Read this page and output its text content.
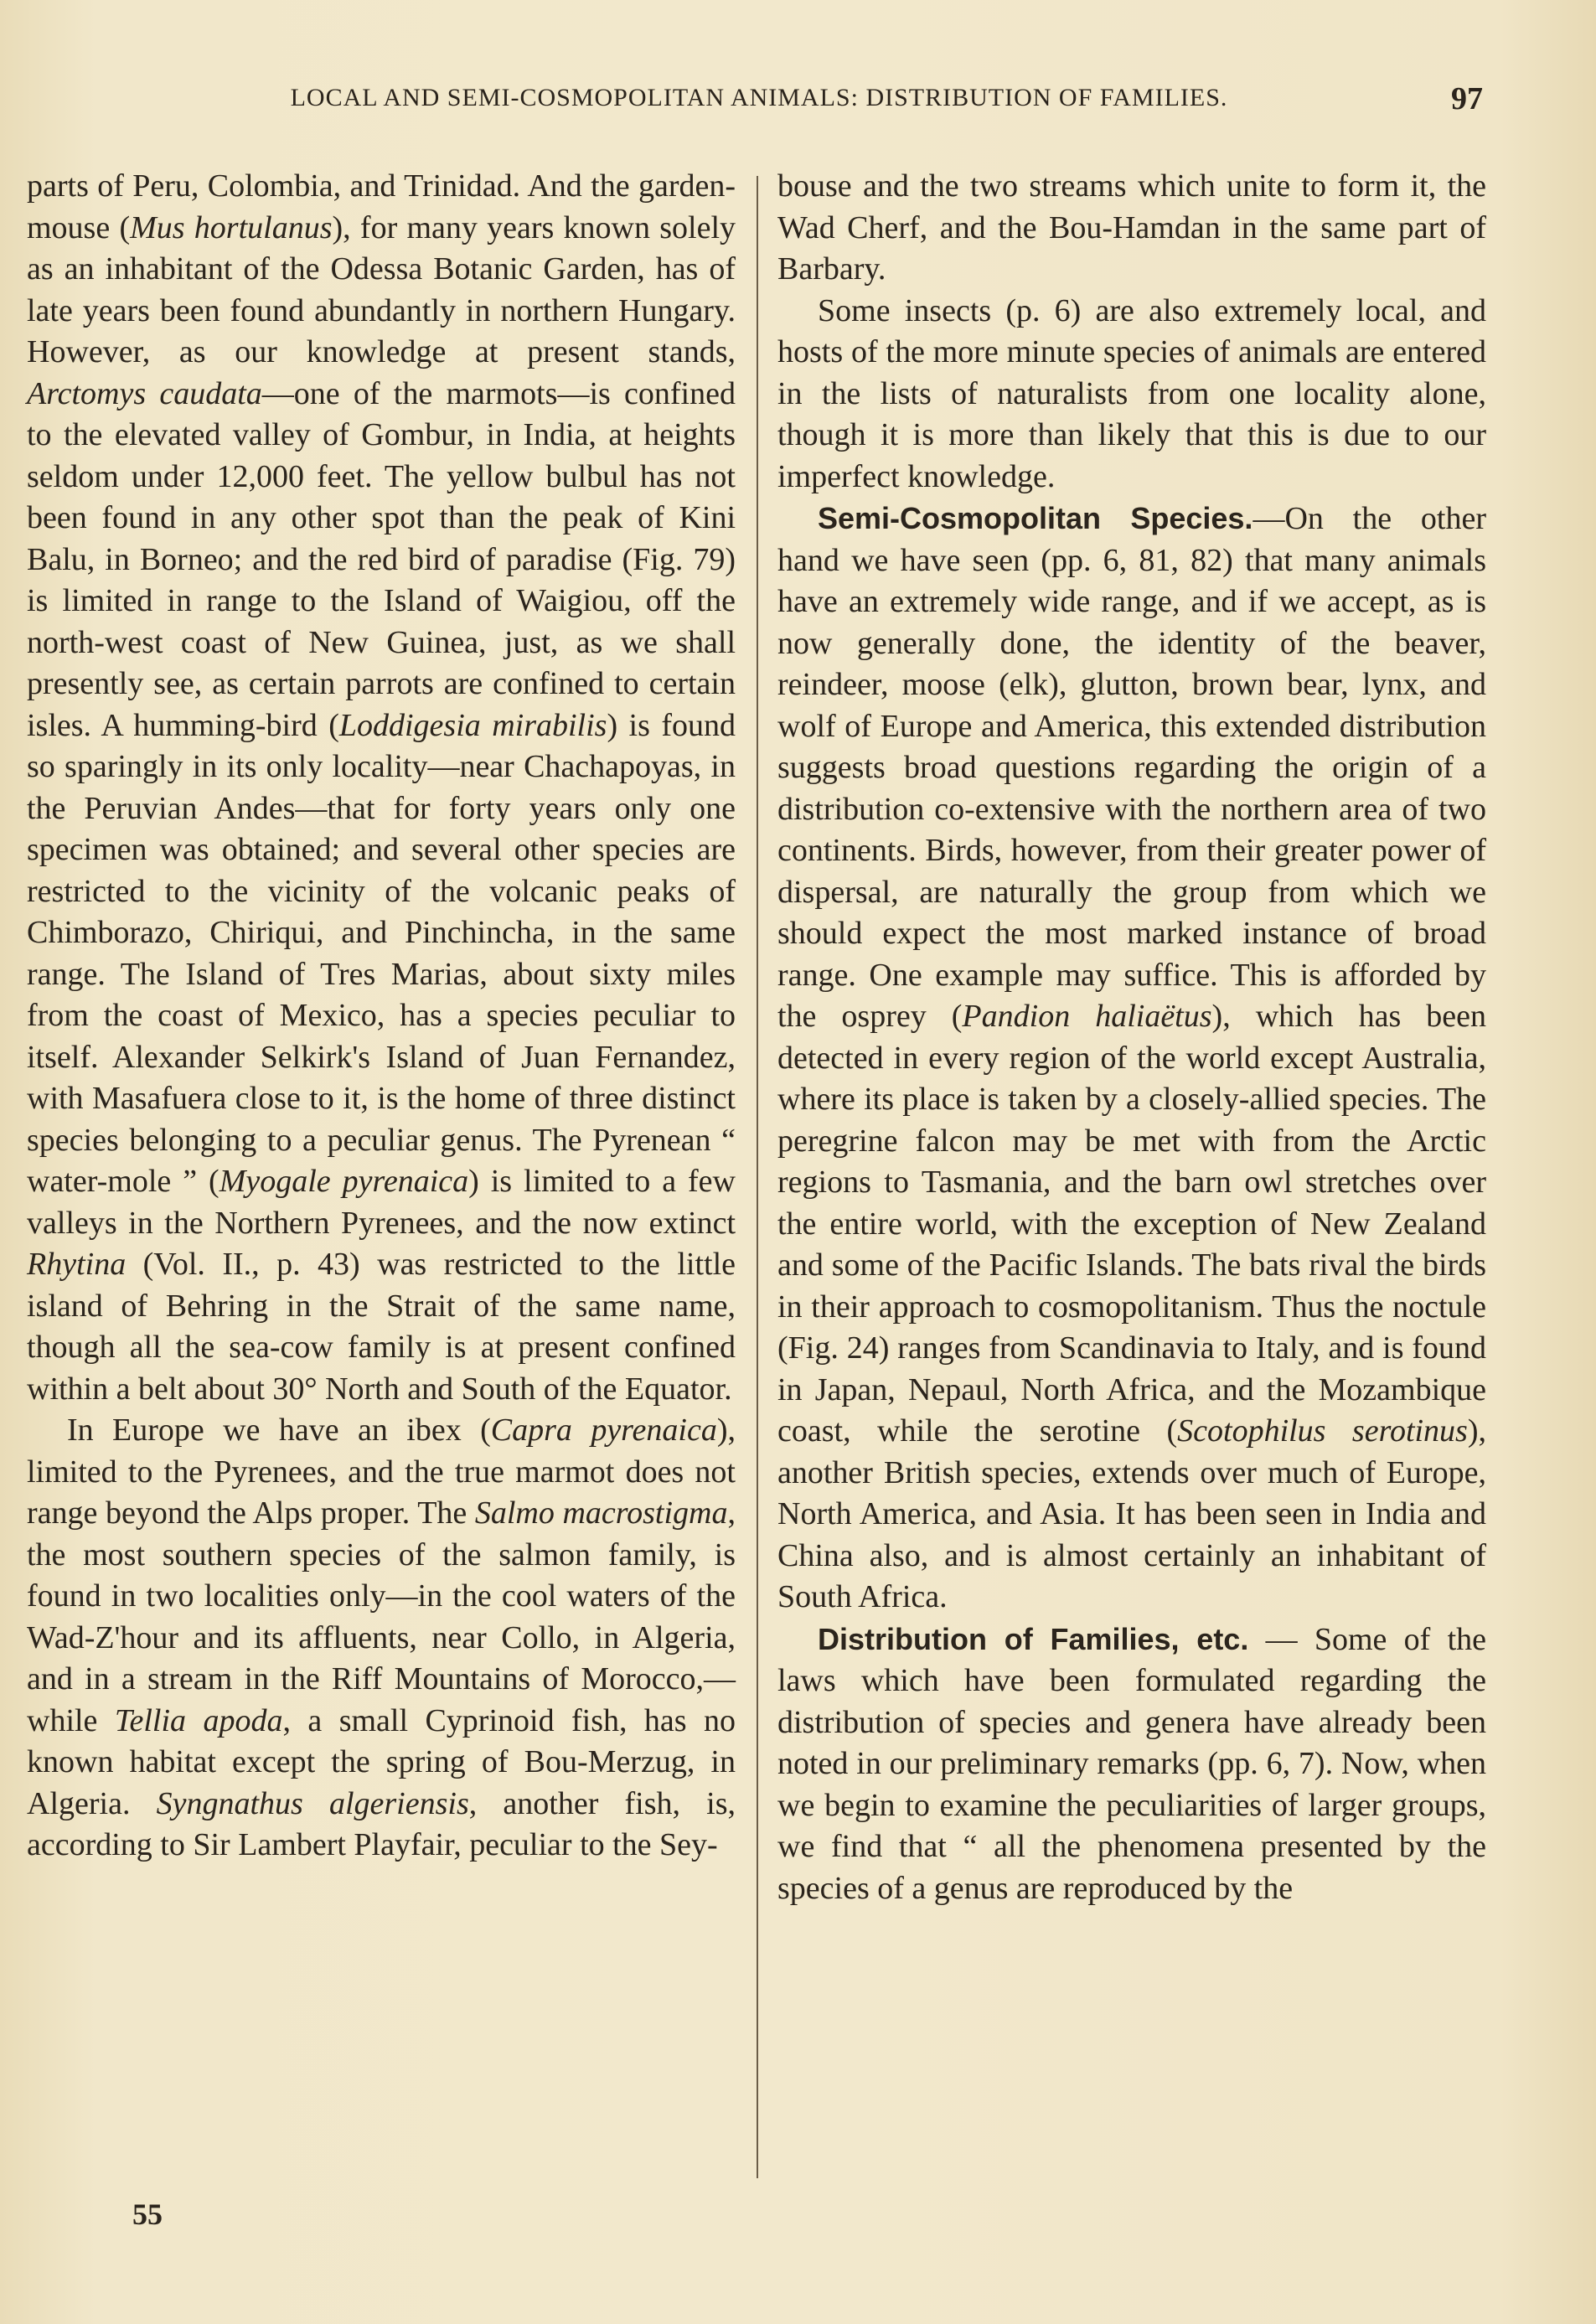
LOCAL AND SEMI-COSMOPOLITAN ANIMALS: DISTRIBUTION OF FAMILIES.	97

parts of Peru, Colombia, and Trinidad. And the garden-mouse (Mus hortulanus), for many years known solely as an inhabitant of the Odessa Botanic Garden, has of late years been found abundantly in northern Hungary. However, as our knowledge at present stands, Arctomys caudata—one of the marmots—is confined to the elevated valley of Gombur, in India, at heights seldom under 12,000 feet. The yellow bulbul has not been found in any other spot than the peak of Kini Balu, in Borneo; and the red bird of paradise (Fig. 79) is limited in range to the Island of Waigiou, off the north-west coast of New Guinea, just, as we shall presently see, as certain parrots are confined to certain isles. A humming-bird (Loddigesia mirabilis) is found so sparingly in its only locality—near Chachapoyas, in the Peruvian Andes—that for forty years only one specimen was obtained; and several other species are restricted to the vicinity of the volcanic peaks of Chimborazo, Chiriqui, and Pinchincha, in the same range. The Island of Tres Marias, about sixty miles from the coast of Mexico, has a species peculiar to itself. Alexander Selkirk's Island of Juan Fernandez, with Masafuera close to it, is the home of three distinct species belonging to a peculiar genus. The Pyrenean “ water-mole ” (Myogale pyrenaica) is limited to a few valleys in the Northern Pyrenees, and the now extinct Rhytina (Vol. II., p. 43) was restricted to the little island of Behring in the Strait of the same name, though all the sea-cow family is at present confined within a belt about 30° North and South of the Equator.

In Europe we have an ibex (Capra pyrenaica), limited to the Pyrenees, and the true marmot does not range beyond the Alps proper. The Salmo macrostigma, the most southern species of the salmon family, is found in two localities only—in the cool waters of the Wad-Z'hour and its affluents, near Collo, in Algeria, and in a stream in the Riff Mountains of Morocco,—while Tellia apoda, a small Cyprinoid fish, has no known habitat except the spring of Bou-Merzug, in Algeria. Syngnathus algeriensis, another fish, is, according to Sir Lambert Playfair, peculiar to the Sey-

bouse and the two streams which unite to form it, the Wad Cherf, and the Bou-Hamdan in the same part of Barbary.

Some insects (p. 6) are also extremely local, and hosts of the more minute species of animals are entered in the lists of naturalists from one locality alone, though it is more than likely that this is due to our imperfect knowledge.

Semi-Cosmopolitan Species.—On the other hand we have seen (pp. 6, 81, 82) that many animals have an extremely wide range, and if we accept, as is now generally done, the identity of the beaver, reindeer, moose (elk), glutton, brown bear, lynx, and wolf of Europe and America, this extended distribution suggests broad questions regarding the origin of a distribution co-extensive with the northern area of two continents. Birds, however, from their greater power of dispersal, are naturally the group from which we should expect the most marked instance of broad range. One example may suffice. This is afforded by the osprey (Pandion haliaëtus), which has been detected in every region of the world except Australia, where its place is taken by a closely-allied species. The peregrine falcon may be met with from the Arctic regions to Tasmania, and the barn owl stretches over the entire world, with the exception of New Zealand and some of the Pacific Islands. The bats rival the birds in their approach to cosmopolitanism. Thus the noctule (Fig. 24) ranges from Scandinavia to Italy, and is found in Japan, Nepaul, North Africa, and the Mozambique coast, while the serotine (Scotophilus serotinus), another British species, extends over much of Europe, North America, and Asia. It has been seen in India and China also, and is almost certainly an inhabitant of South Africa.

Distribution of Families, etc. — Some of the laws which have been formulated regarding the distribution of species and genera have already been noted in our preliminary remarks (pp. 6, 7). Now, when we begin to examine the peculiarities of larger groups, we find that “ all the phenomena presented by the species of a genus are reproduced by the

55
